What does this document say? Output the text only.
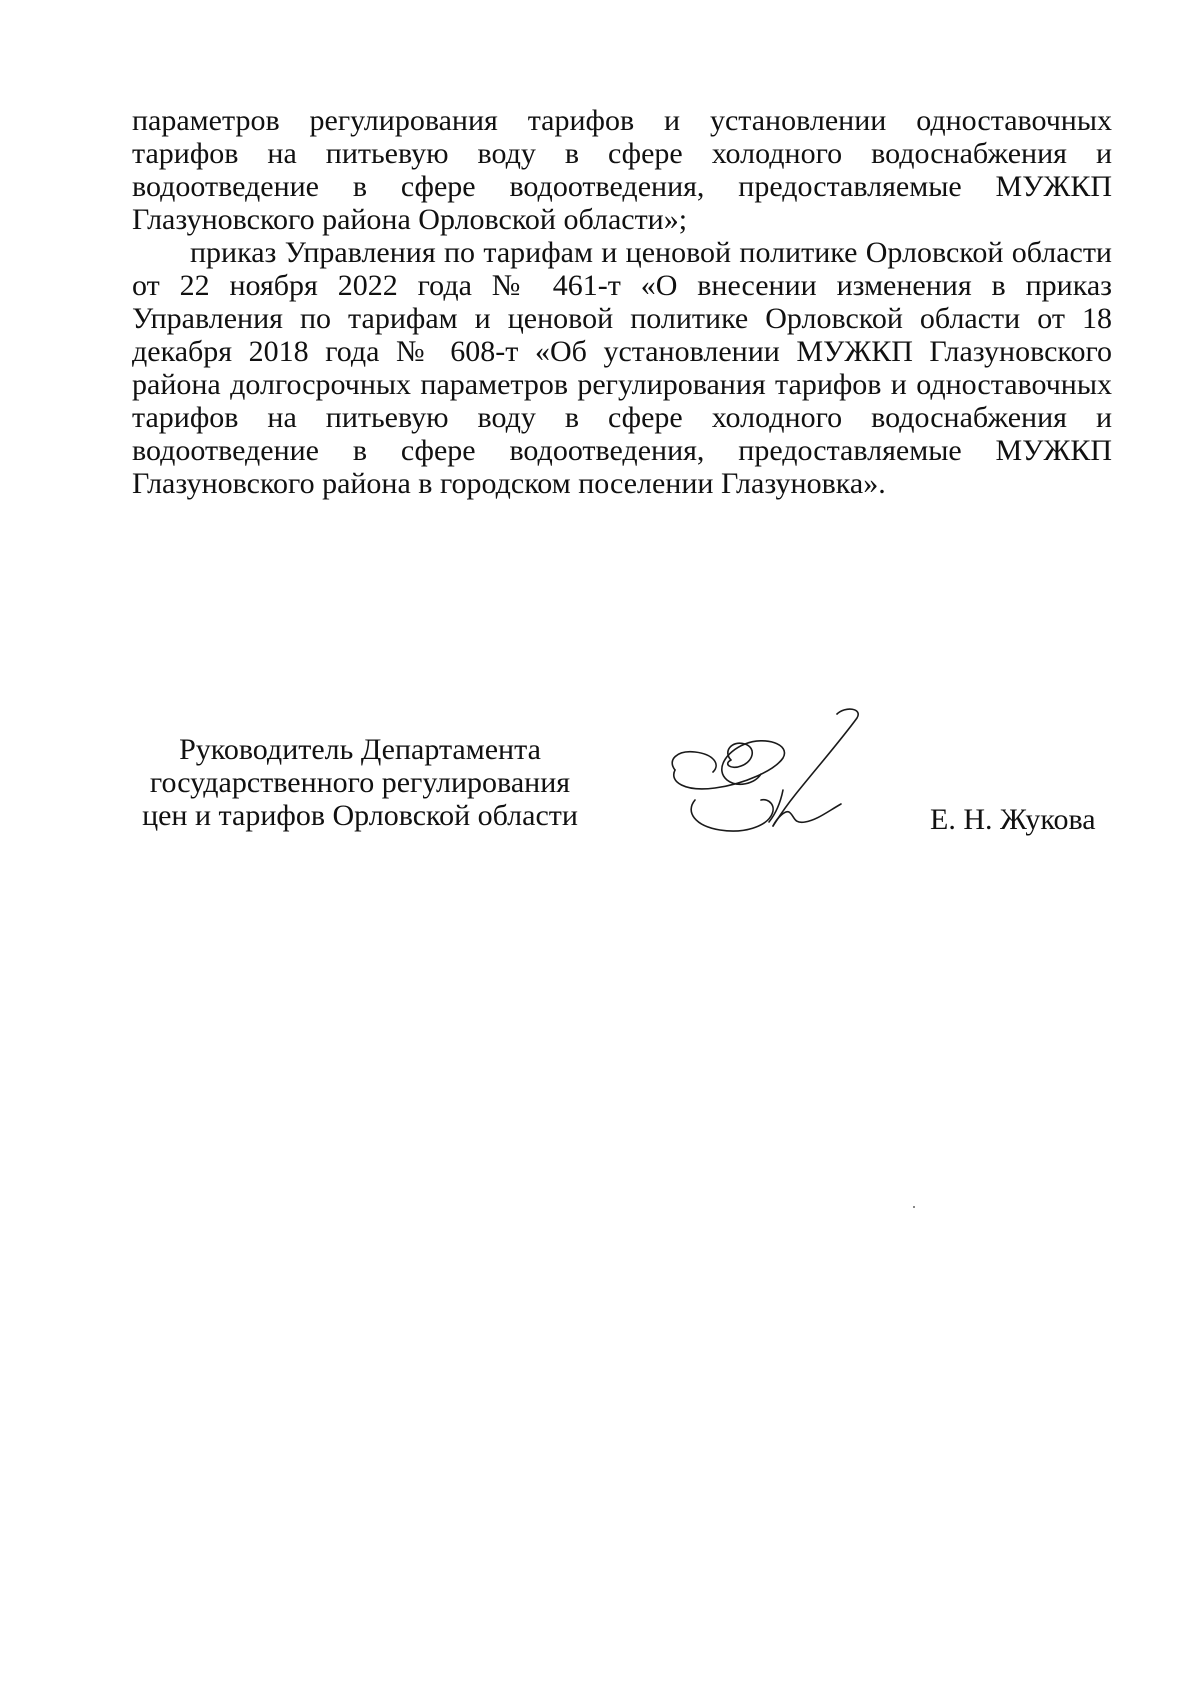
параметров регулирования тарифов и установлении одноставочных тарифов на питьевую воду в сфере холодного водоснабжения и водоотведение в сфере водоотведения, предоставляемые МУЖКП Глазуновского района Орловской области»;

приказ Управления по тарифам и ценовой политике Орловской области от 22 ноября 2022 года № 461-т «О внесении изменения в приказ Управления по тарифам и ценовой политике Орловской области от 18 декабря 2018 года № 608-т «Об установлении МУЖКП Глазуновского района долгосрочных параметров регулирования тарифов и одноставочных тарифов на питьевую воду в сфере холодного водоснабжения и водоотведение в сфере водоотведения, предоставляемые МУЖКП Глазуновского района в городском поселении Глазуновка».

Руководитель Департамента
государственного регулирования
цен и тарифов Орловской области	Е. Н. Жукова
